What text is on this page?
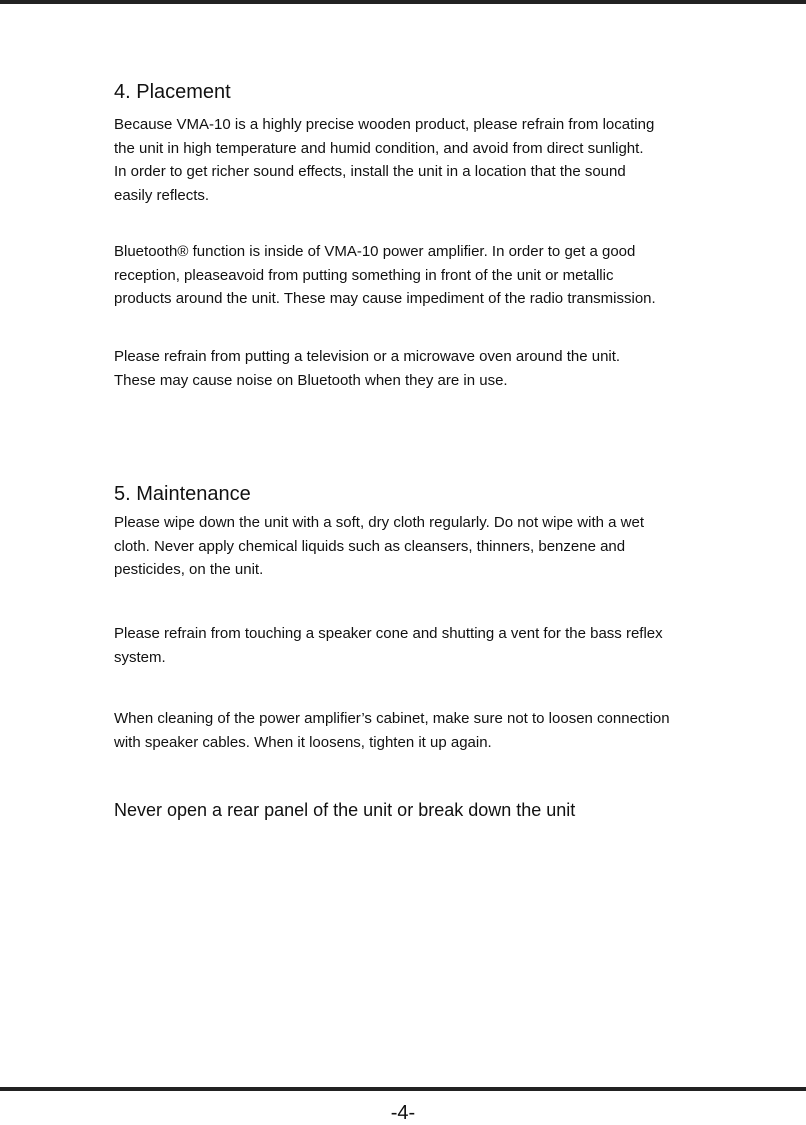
4. Placement

Because VMA-10 is a highly precise wooden product, please refrain from locating
the unit in high temperature and humid condition, and avoid from direct sunlight.
In order to get richer sound effects, install the unit in a location that the sound
easily reflects.

Bluetooth® function is inside of VMA-10 power amplifier. In order to get a good
reception, pleaseavoid from putting something in front of the unit or metallic
products around the unit. These may cause impediment of the radio transmission.

Please refrain from putting a television or a microwave oven around the unit.
These may cause noise on Bluetooth when they are in use.

5. Maintenance

Please wipe down the unit with a soft, dry cloth regularly. Do not wipe with a wet
cloth. Never apply chemical liquids such as cleansers, thinners, benzene and
pesticides, on the unit.

Please refrain from touching a speaker cone and shutting a vent for the bass reflex
system.

When cleaning of the power amplifier’s cabinet, make sure not to loosen connection
with speaker cables. When it loosens, tighten it up again.

Never open a rear panel of the unit or break down the unit

-4-
